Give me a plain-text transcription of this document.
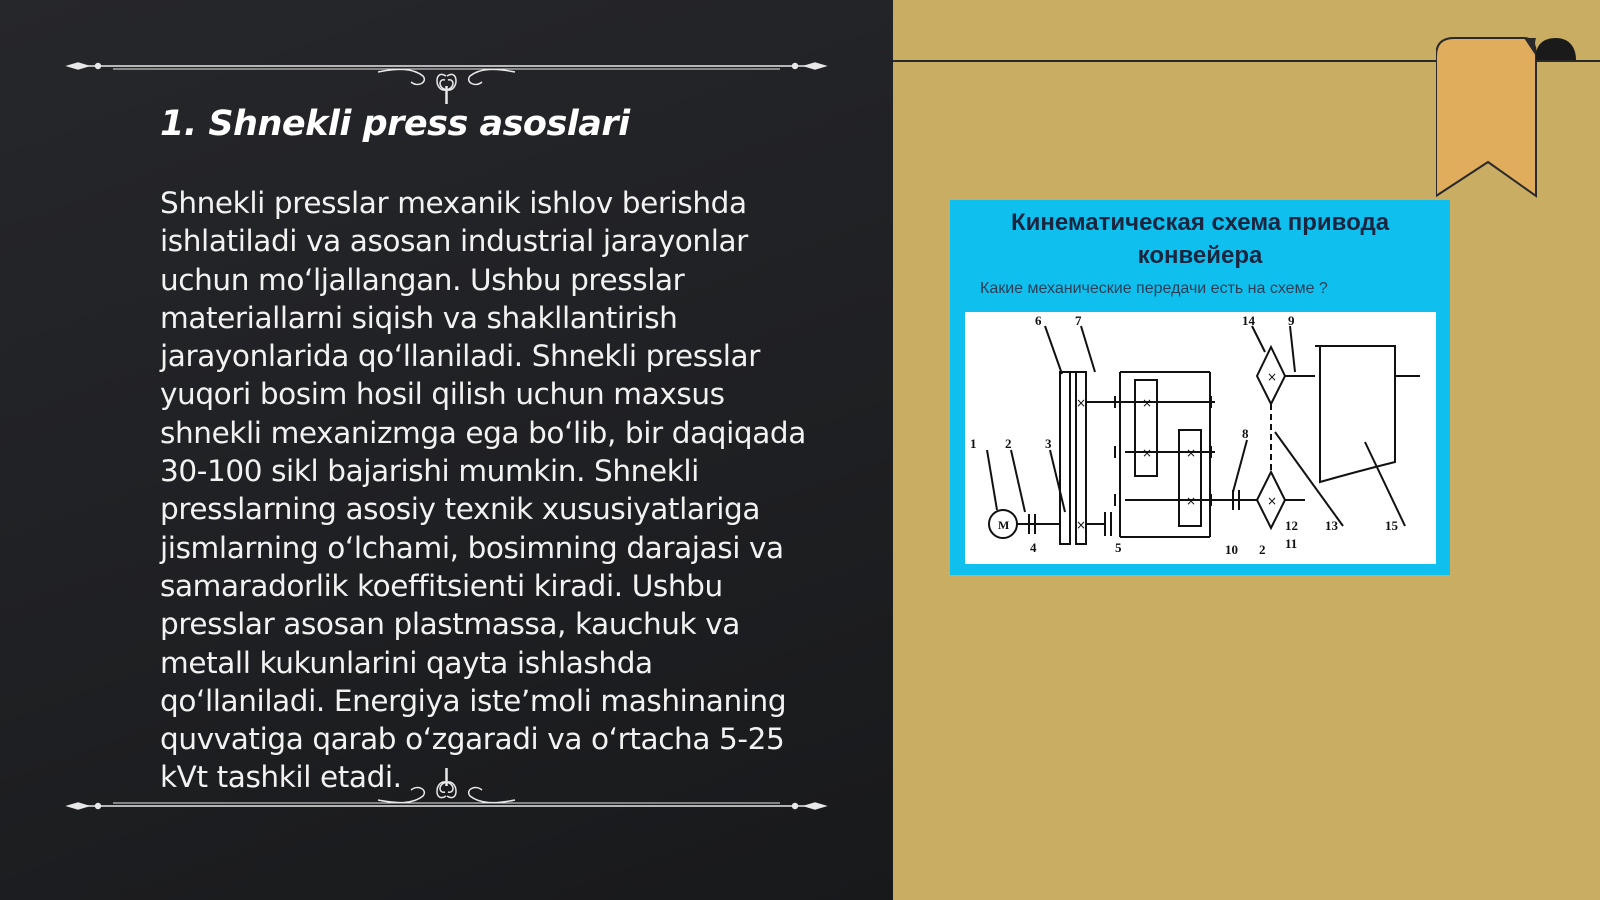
1. Shnekli press asoslari
Shnekli presslar mexanik ishlov berishda
ishlatiladi va asosan industrial jarayonlar
uchun mo‘ljallangan. Ushbu presslar
materiallarni siqish va shakllantirish
jarayonlarida qo‘llaniladi. Shnekli presslar
yuqori bosim hosil qilish uchun maxsus
shnekli mexanizmga ega bo‘lib, bir daqiqada
30-100 sikl bajarishi mumkin. Shnekli
presslarning asosiy texnik xususiyatlariga
jismlarning o‘lchami, bosimning darajasi va
samaradorlik koeffitsienti kiradi. Ushbu
presslar asosan plastmassa, kauchuk va
metall kukunlarini qayta ishlashda
qo‘llaniladi. Energiya iste’moli mashinaning
quvvatiga qarab o‘zgaradi va o‘rtacha 5-25
kVt tashkil etadi.
Кинематическая схема привода конвейера
Какие механические передачи есть на схеме ?
M
6	7	14	9
1 2	3
8
4	5	10 2 11
12 13	15
×	×
×	×
×
×
×
×
